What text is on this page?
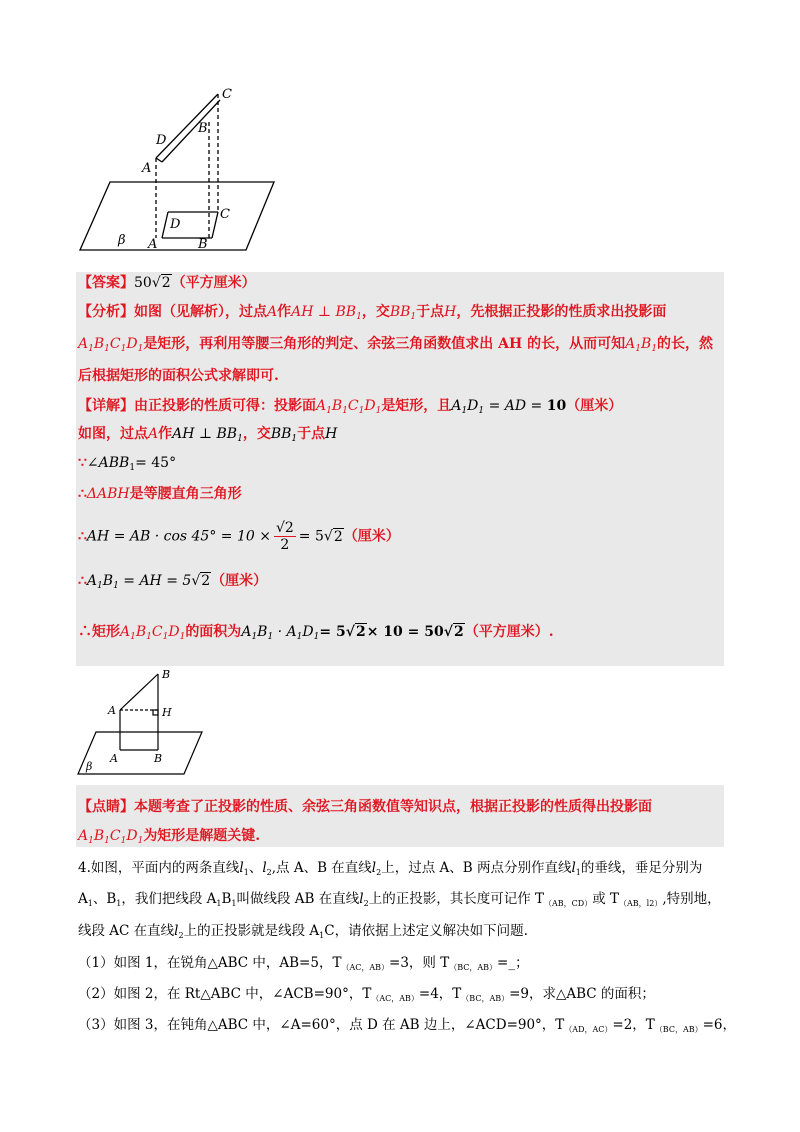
C
B
D
A
C
D
A	B
β
【答案】50√2（平方厘米）
【分析】如图（见解析），过点A作AH ⊥ $BB_1$，交$BB_1$于点H，先根据正投影的性质求出投影面
$A_1B_1C_1D_1$是矩形，再利用等腰三角形的判定、余弦三角函数值求出 AH 的长，从而可知$A_1B_1$的长，然
后根据矩形的面积公式求解即可.
【详解】由正投影的性质可得：投影面$A_1B_1C_1D_1$是矩形，且$A_1D_1$ = AD = 10（厘米）
如图，过点A作AH ⊥ $BB_1$，交$BB_1$于点H
$\because\angle ABB_1= 45^\circ$
∴ΔABH是等腰直角三角形
∴AH = AB · $\cos 45^\circ = 10 \times \frac{√2}{2} = 5√2$（厘米）
$\therefore A_1B_1$ = AH = 5√2（厘米）
∴矩形$A_1B_1C_1D_1$的面积为$A_1B_1 \cdot A_1D_1= 5√2\times 10 = 50√2$（平方厘米）.
B
A	H
A	B
β
【点睛】本题考查了正投影的性质、余弦三角函数值等知识点，根据正投影的性质得出投影面
$A_1B_1C_1D_1$为矩形是解题关键.
4.如图，平面内的两条直线$l_1$、$l_2$,点 A、B 在直线$l_2$上，过点 A、B 两点分别作直线$l_1$的垂线，垂足分别为
$A_1$、$B_1$，我们把线段 $A_1B_1$叫做线段 AB 在直线$l_2$上的正投影，其长度可记作 $T_{(AB,CD)}$或 $T_{(AB,l2)}$,特别地，
线段 AC 在直线$l_2$上的正投影就是线段 $A_1C$，请依据上述定义解决如下问题.
（1）如图 1，在锐角△ABC 中，AB=5，$T_{(AC,AB)}=3$，则 $T_{(BC,AB)}=\_$；
（2）如图 2，在 Rt△ABC 中，∠ACB=90°，$T_{(AC,AB)}=4$，$T_{(BC,AB)}=9$，求△ABC 的面积；
（3）如图 3，在钝角△ABC 中，∠A=60°，点 D 在 AB 边上，∠ACD=90°，$T_{(AD,AC)}=2$，$T_{(BC,AB)}=6$，
